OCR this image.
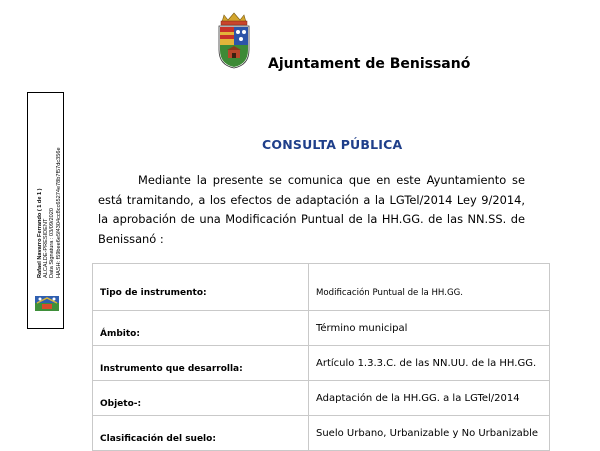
Rafael Navarro Ferrando ( 1 de 1 ) ALCALDE-PRESIDENT Data Signatura : 03/09/2020 HASH: f59bee6e5f4304cc8cc65274e78b7f57dc356e
Ajuntament de Benissanó
CONSULTA PÚBLICA

Mediante la presente se comunica que en este Ayuntamiento se está tramitando, a los efectos de adaptación a la LGTel/2014 Ley 9/2014, la aprobación de una Modificación Puntual de la HH.GG. de las NN.SS. de Benissanó :

Tipo de instrumento:	Modificación Puntual de la HH.GG.
Ámbito:	Término municipal
Instrumento que desarrolla:	Artículo 1.3.3.C. de las NN.UU. de la HH.GG.
Objeto-:	Adaptación de la HH.GG. a la LGTel/2014
Clasificación del suelo:	Suelo Urbano, Urbanizable y No Urbanizable
